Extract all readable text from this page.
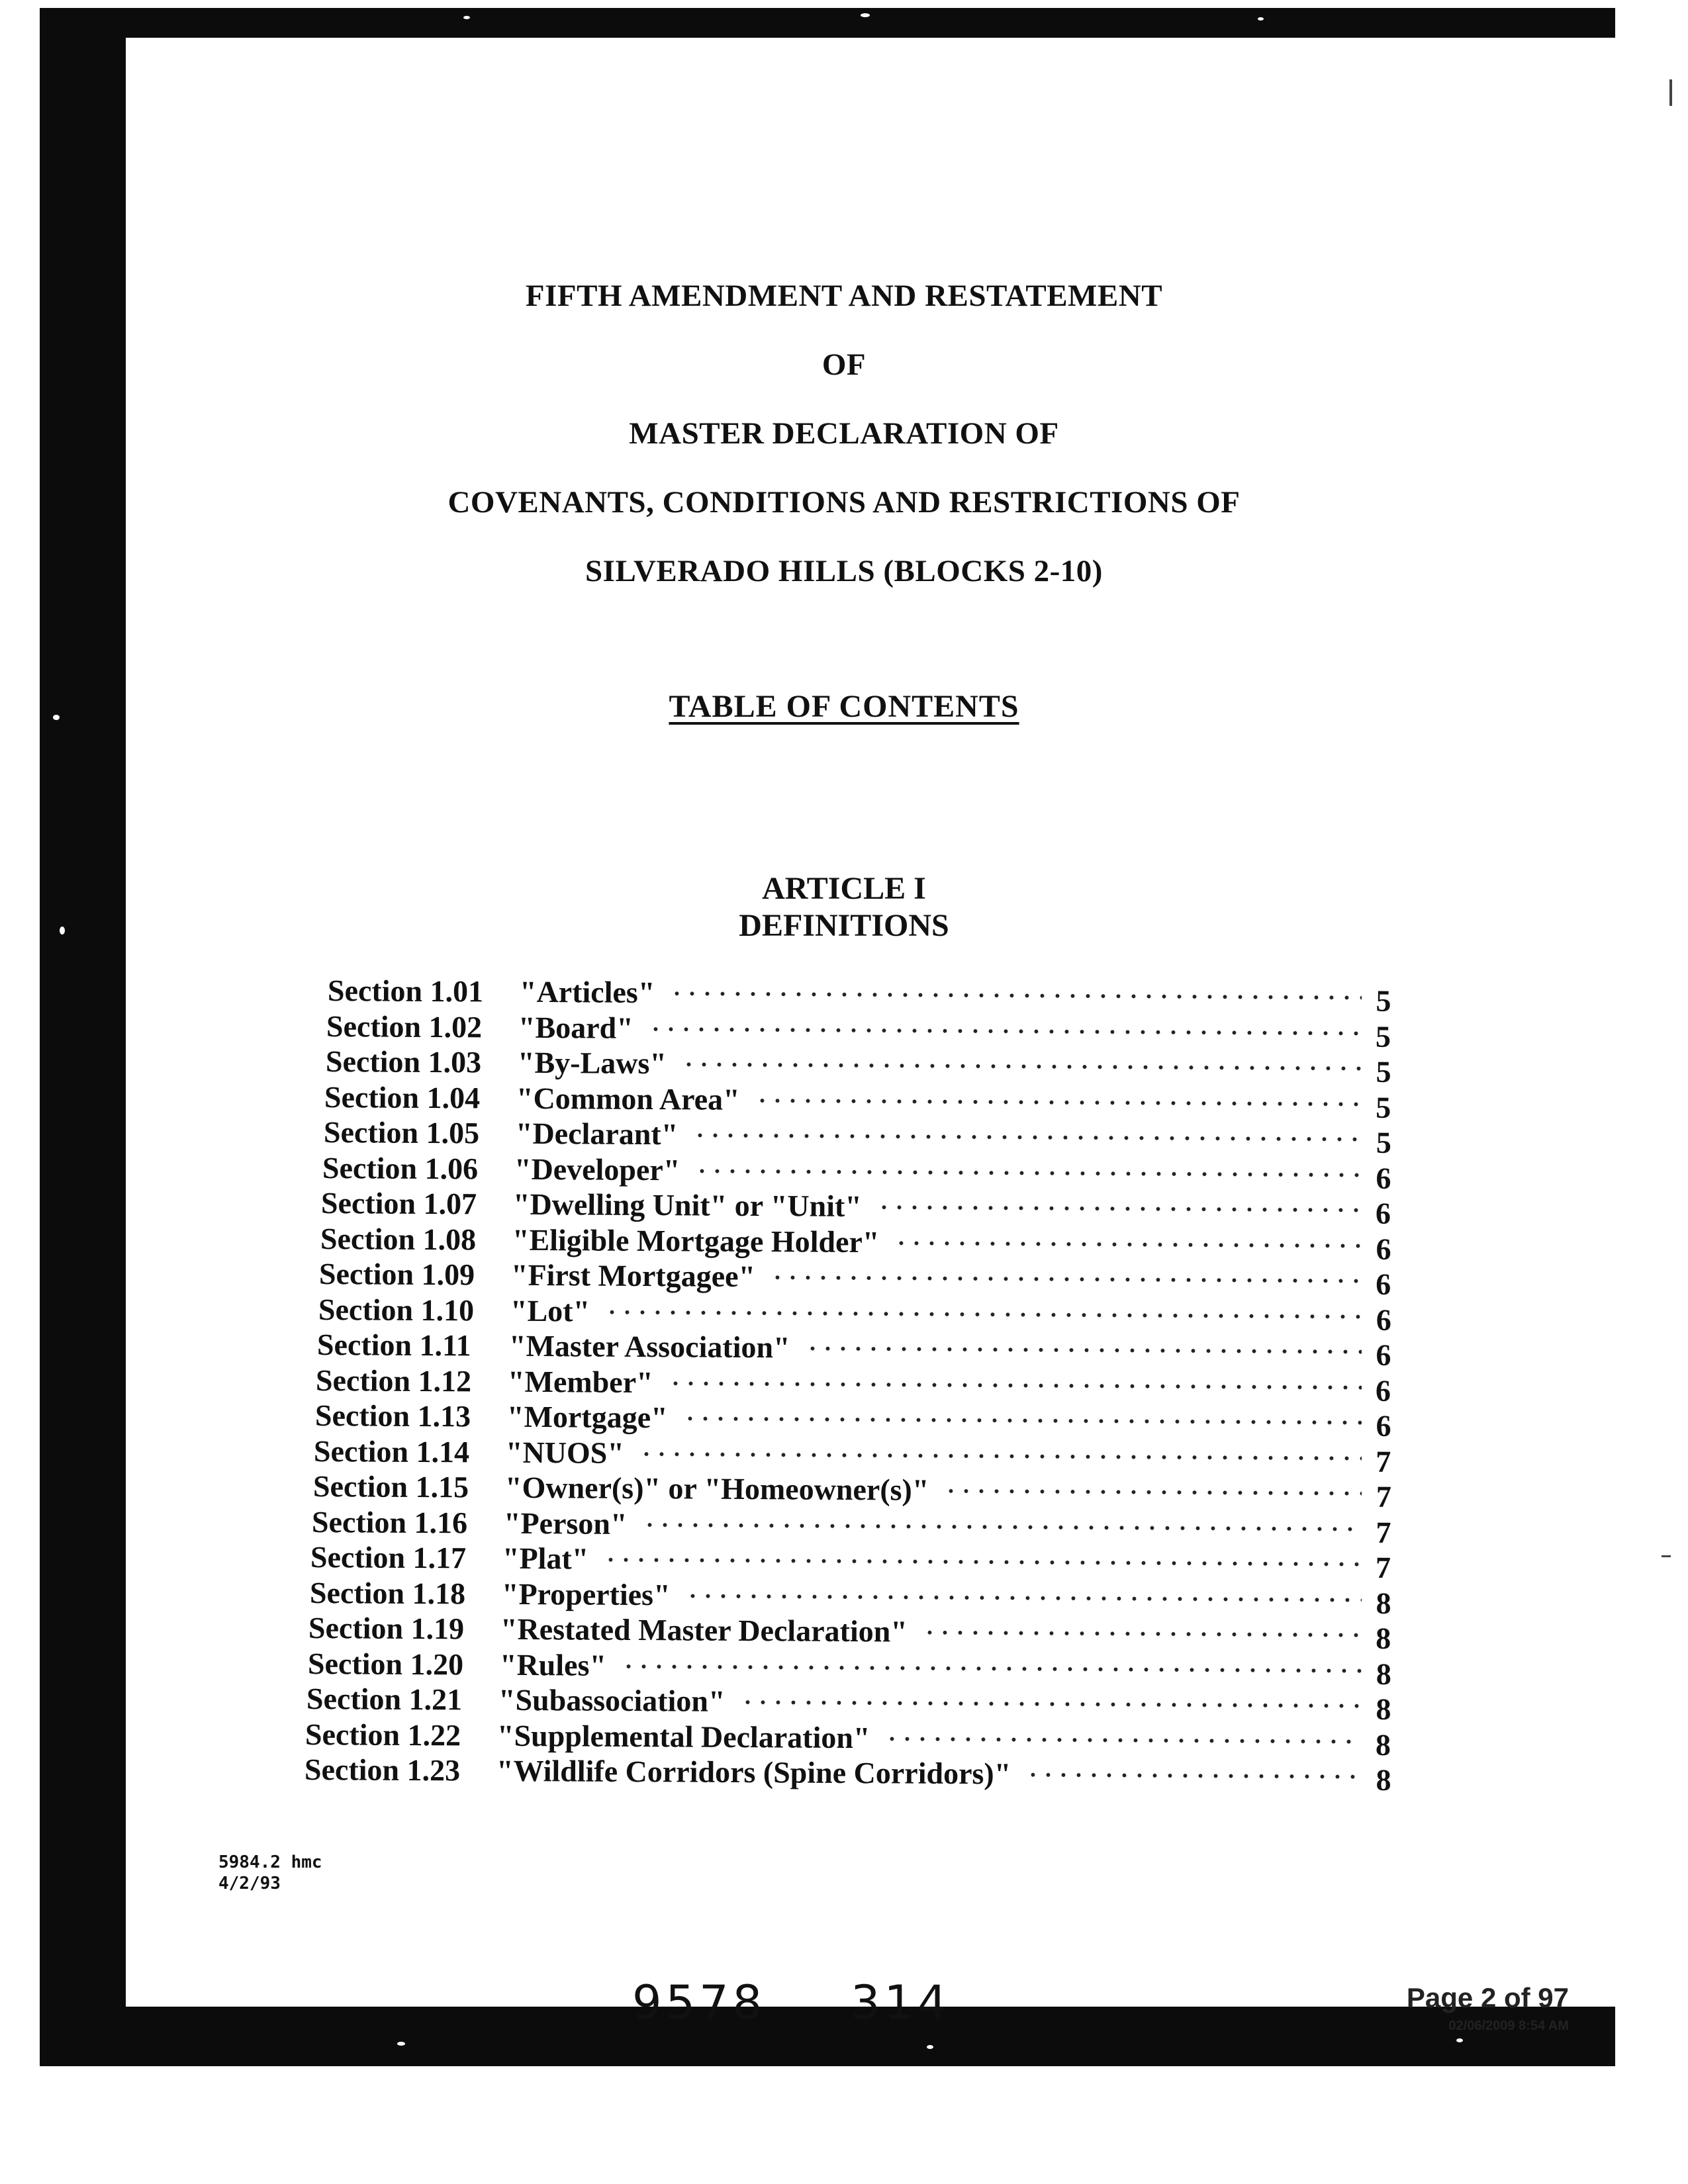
FIFTH AMENDMENT AND RESTATEMENT
OF
MASTER DECLARATION OF
COVENANTS, CONDITIONS AND RESTRICTIONS OF
SILVERADO HILLS (BLOCKS 2-10)
TABLE OF CONTENTS
ARTICLE I
DEFINITIONS
Section 1.01	"Articles"	5
Section 1.02	"Board"	5
Section 1.03	"By-Laws"	5
Section 1.04	"Common Area"	5
Section 1.05	"Declarant"	5
Section 1.06	"Developer"	6
Section 1.07	"Dwelling Unit" or "Unit"	6
Section 1.08	"Eligible Mortgage Holder"	6
Section 1.09	"First Mortgagee"	6
Section 1.10	"Lot"	6
Section 1.11	"Master Association"	6
Section 1.12	"Member"	6
Section 1.13	"Mortgage"	6
Section 1.14	"NUOS"	7
Section 1.15	"Owner(s)" or "Homeowner(s)"	7
Section 1.16	"Person"	7
Section 1.17	"Plat"	7
Section 1.18	"Properties"	8
Section 1.19	"Restated Master Declaration"	8
Section 1.20	"Rules"	8
Section 1.21	"Subassociation"	8
Section 1.22	"Supplemental Declaration"	8
Section 1.23	"Wildlife Corridors (Spine Corridors)"	8
5984.2 hmc
4/2/93
9578 314	Page 2 of 97
02/06/2009 8:54 AM
